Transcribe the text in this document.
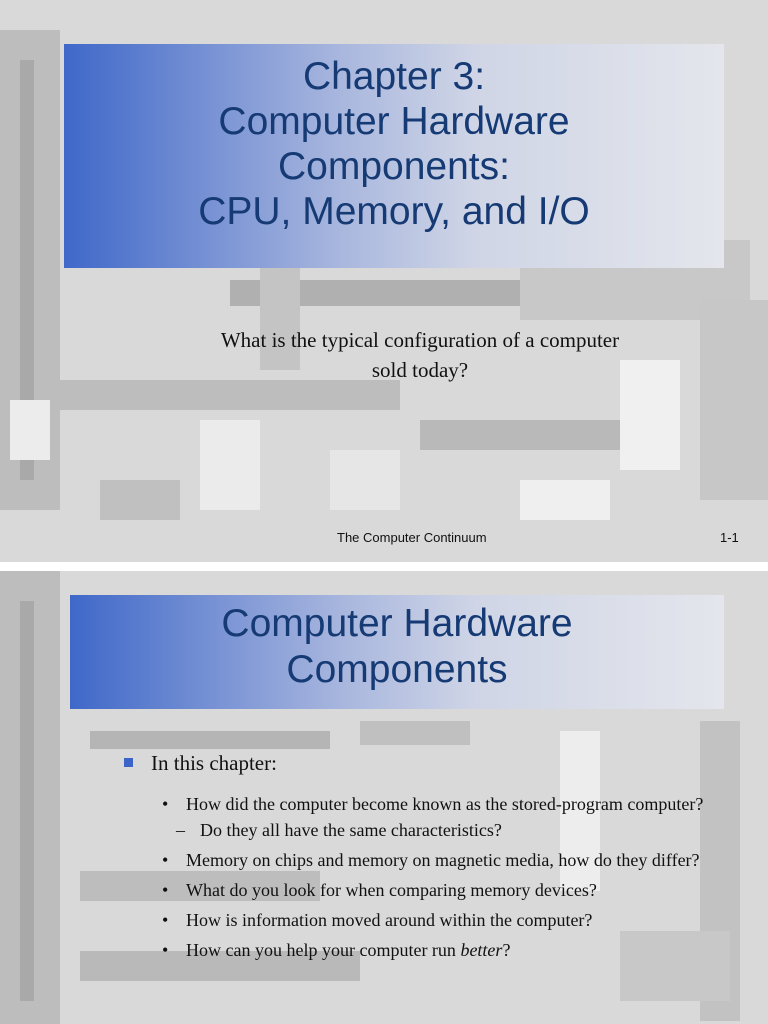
Chapter 3:
Computer Hardware
Components:
CPU, Memory, and I/O
What is the typical configuration of a computer
sold today?
The Computer Continuum	1-1
Computer Hardware
Components
In this chapter:
• How did the computer become known as the stored-program computer?
– Do they all have the same characteristics?
• Memory on chips and memory on magnetic media, how do they differ?
• What do you look for when comparing memory devices?
• How is information moved around within the computer?
• How can you help your computer run better?
